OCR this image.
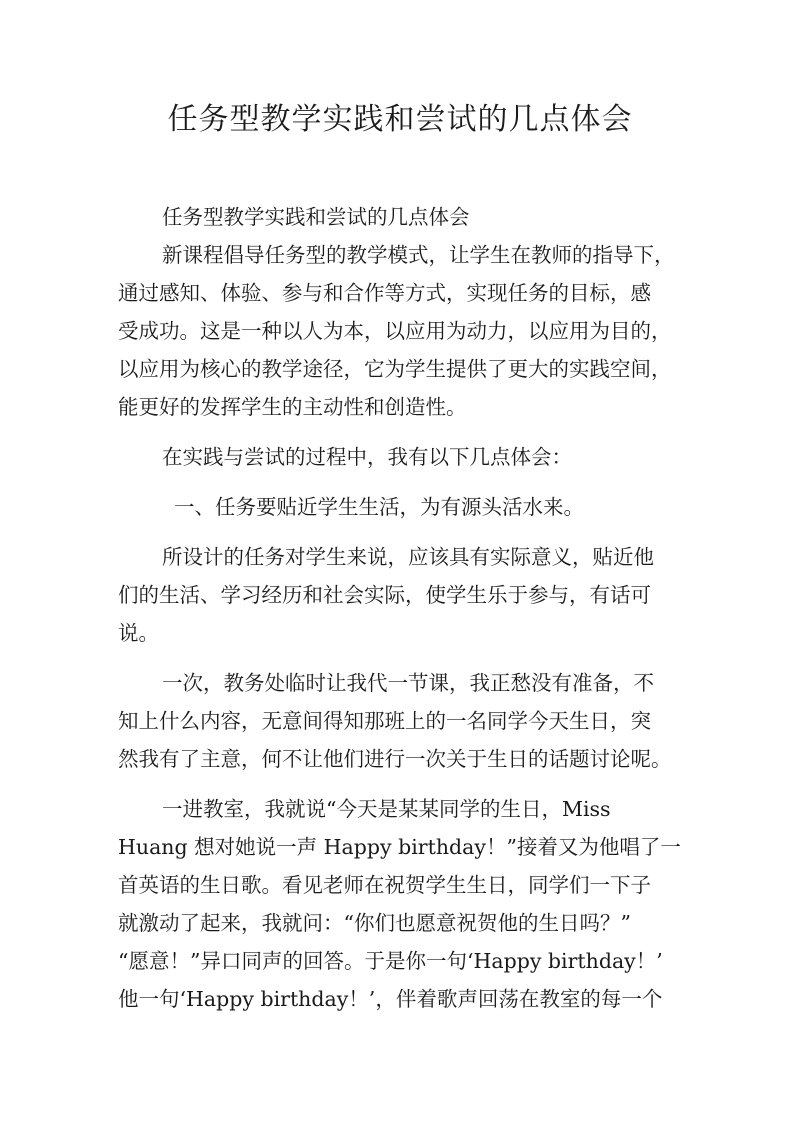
任务型教学实践和尝试的几点体会
任务型教学实践和尝试的几点体会
新课程倡导任务型的教学模式，让学生在教师的指导下，
通过感知、体验、参与和合作等方式，实现任务的目标，感
受成功。这是一种以人为本，以应用为动力，以应用为目的，
以应用为核心的教学途径，它为学生提供了更大的实践空间，
能更好的发挥学生的主动性和创造性。
在实践与尝试的过程中，我有以下几点体会：
一、任务要贴近学生生活，为有源头活水来。
所设计的任务对学生来说，应该具有实际意义，贴近他
们的生活、学习经历和社会实际，使学生乐于参与，有话可
说。
一次，教务处临时让我代一节课，我正愁没有准备，不
知上什么内容，无意间得知那班上的一名同学今天生日，突
然我有了主意，何不让他们进行一次关于生日的话题讨论呢。
一进教室，我就说“今天是某某同学的生日，Miss
Huang 想对她说一声 Happy birthday！”接着又为他唱了一
首英语的生日歌。看见老师在祝贺学生生日，同学们一下子
就激动了起来，我就问：“你们也愿意祝贺他的生日吗？”
“愿意！”异口同声的回答。于是你一句‘Happy birthday！’
他一句‘Happy birthday！’，伴着歌声回荡在教室的每一个
